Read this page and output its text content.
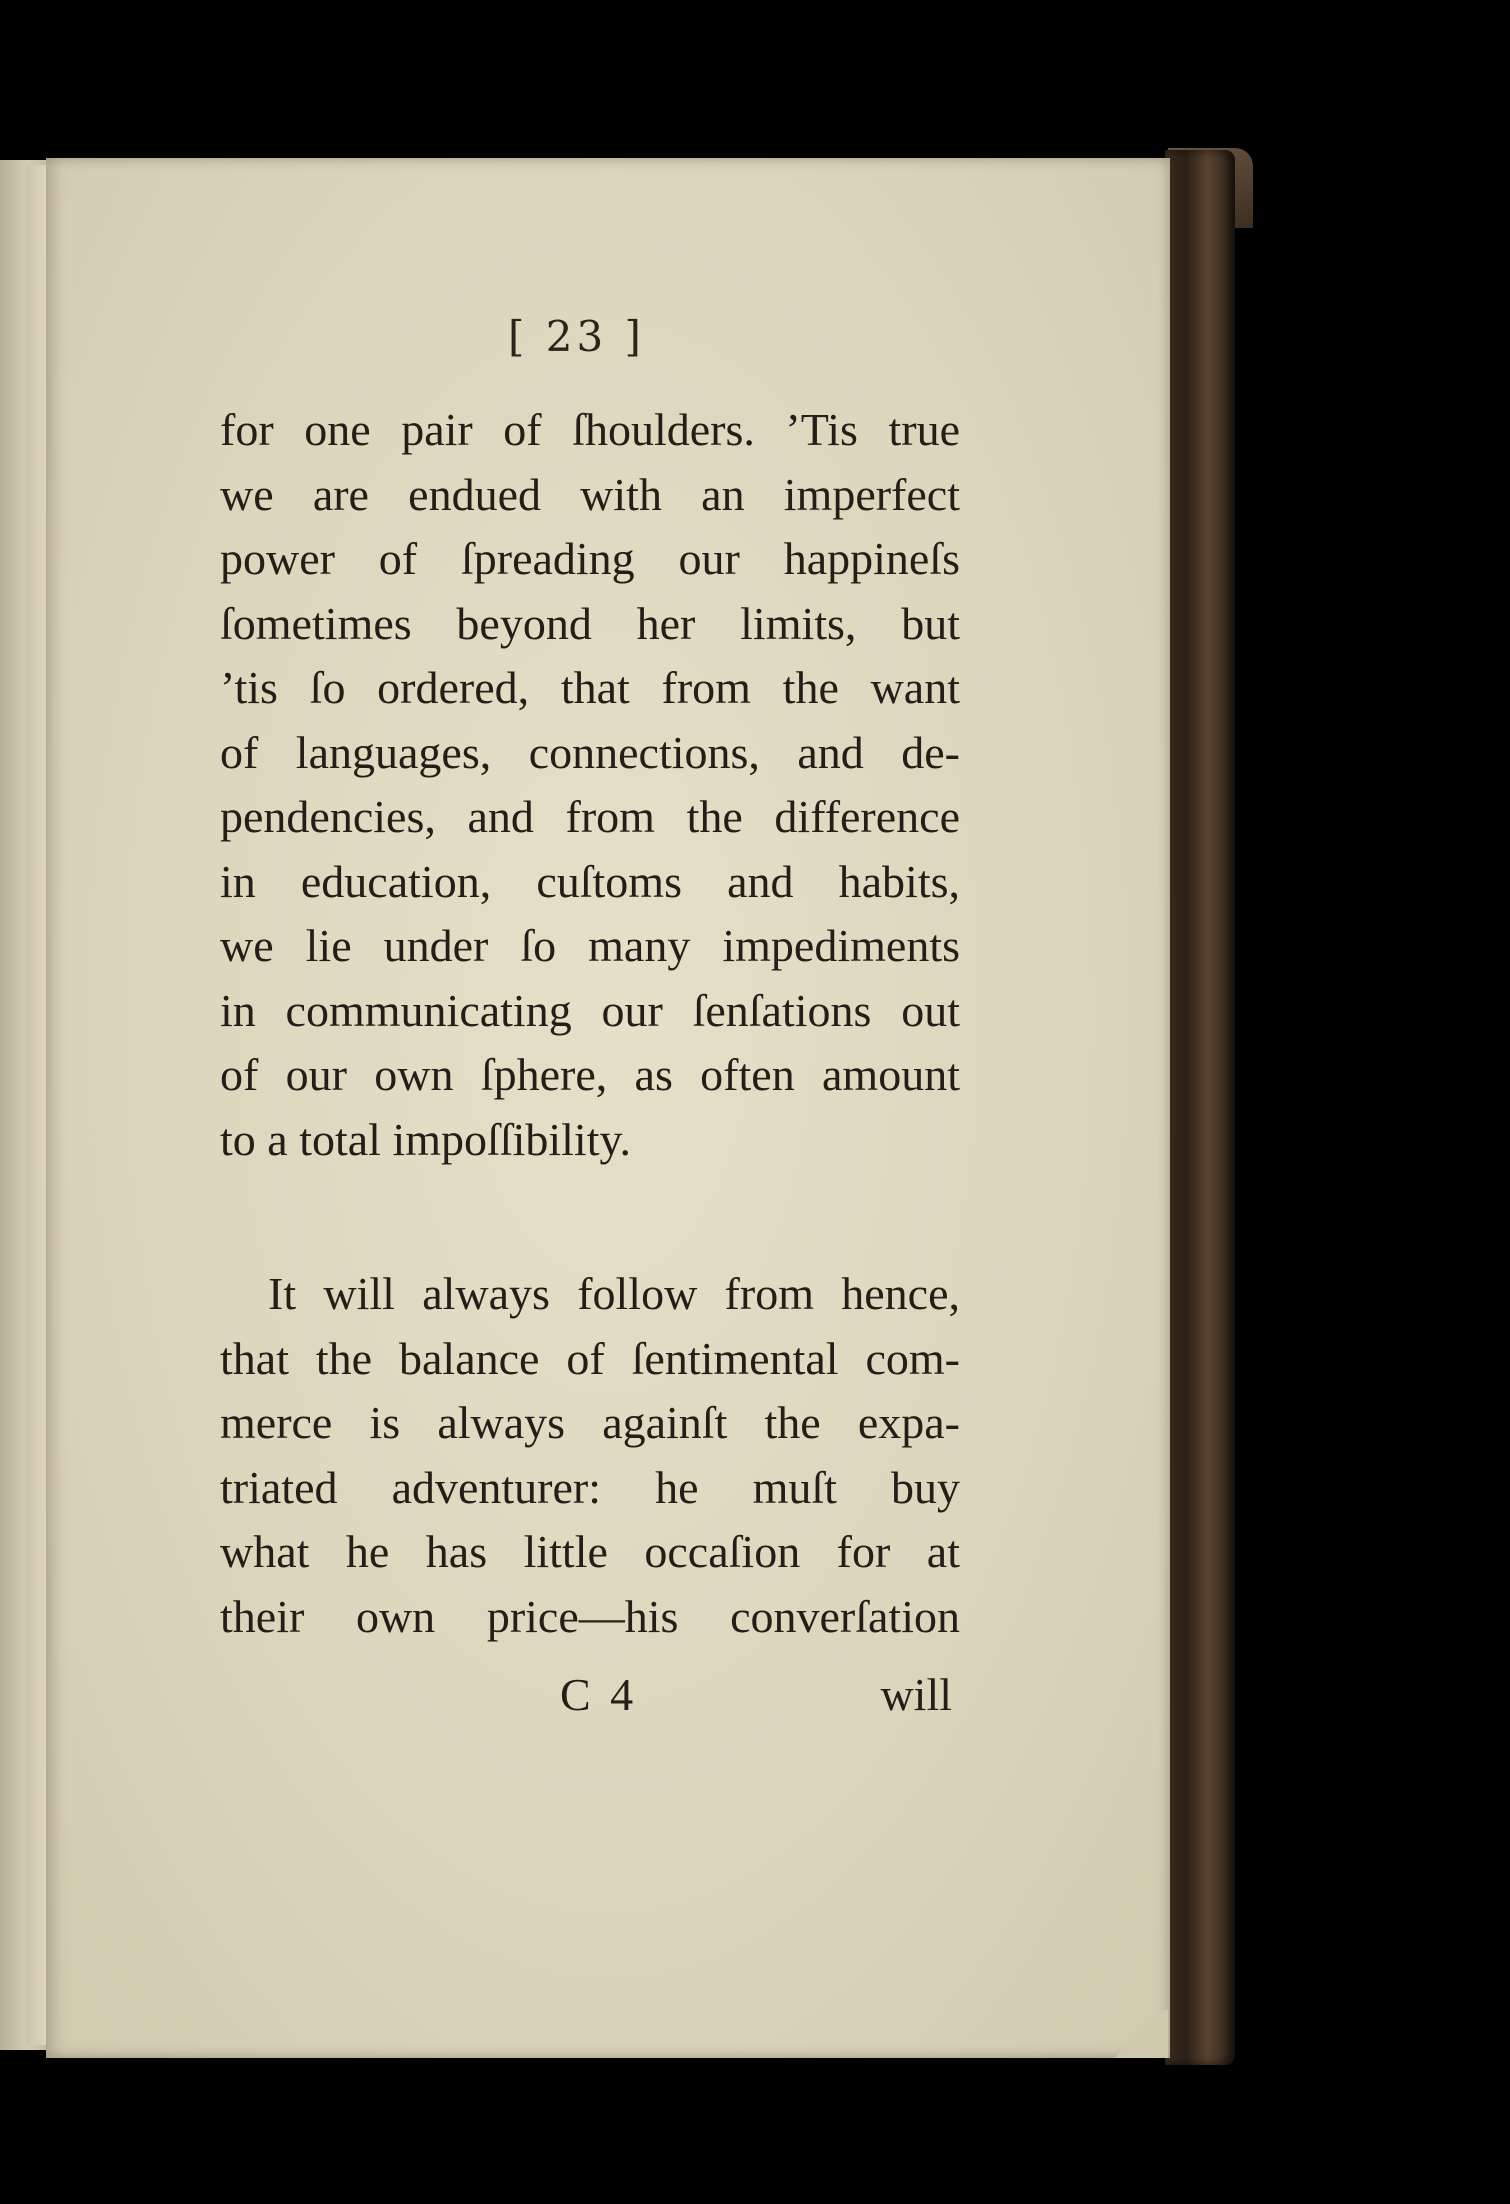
[ 23 ]
for one pair of ſhoulders. ’Tis true
we are endued with an imperfect
power of ſpreading our happineſs
ſometimes beyond her limits, but
’tis ſo ordered, that from the want
of languages, connections, and de-
pendencies, and from the difference
in education, cuſtoms and habits,
we lie under ſo many impediments
in communicating our ſenſations out
of our own ſphere, as often amount
to a total impoſſibility.
It will always follow from hence,
that the balance of ſentimental com-
merce is always againſt the expa-
triated adventurer: he muſt buy
what he has little occaſion for at
their own price—his converſation
C 4	will
